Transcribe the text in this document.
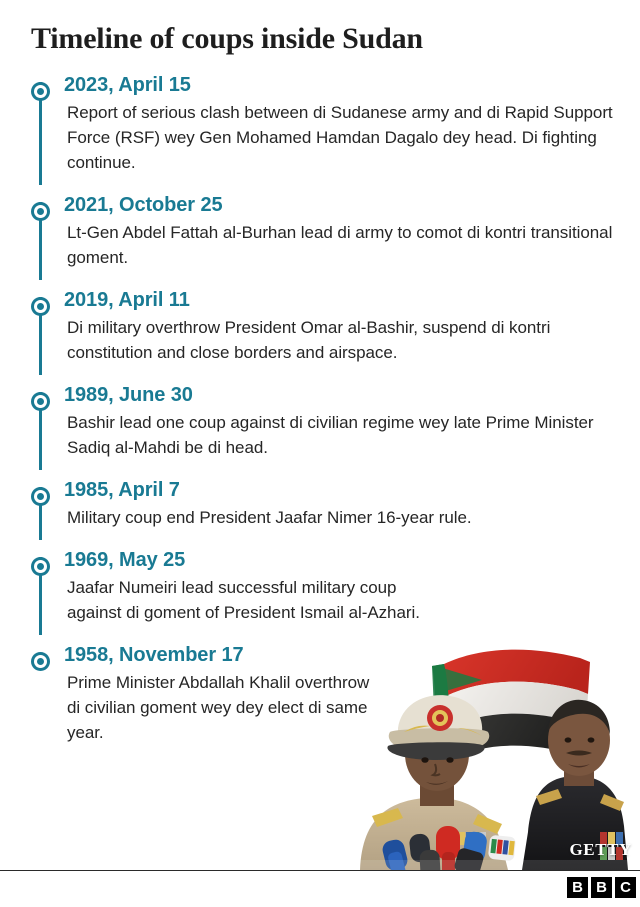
Timeline of coups inside Sudan
GETTY
2023, April 15
Report of serious clash between di Sudanese army and di Rapid Support Force (RSF) wey Gen Mohamed Hamdan Dagalo dey head. Di fighting continue.
2021, October 25
Lt-Gen Abdel Fattah al-Burhan lead di army to comot di kontri transitional goment.
2019, April 11
Di military overthrow President Omar al-Bashir, suspend di kontri constitution and close borders and airspace.
1989, June 30
Bashir lead one coup against di civilian regime wey late Prime Minister Sadiq al-Mahdi be di head.
1985, April 7
Military coup end President Jaafar Nimer 16-year rule.
1969, May 25
Jaafar Numeiri lead successful military coup against di goment of President Ismail al-Azhari.
1958, November 17
Prime Minister Abdallah Khalil overthrow di civilian goment wey dey elect di same year.
B B C
